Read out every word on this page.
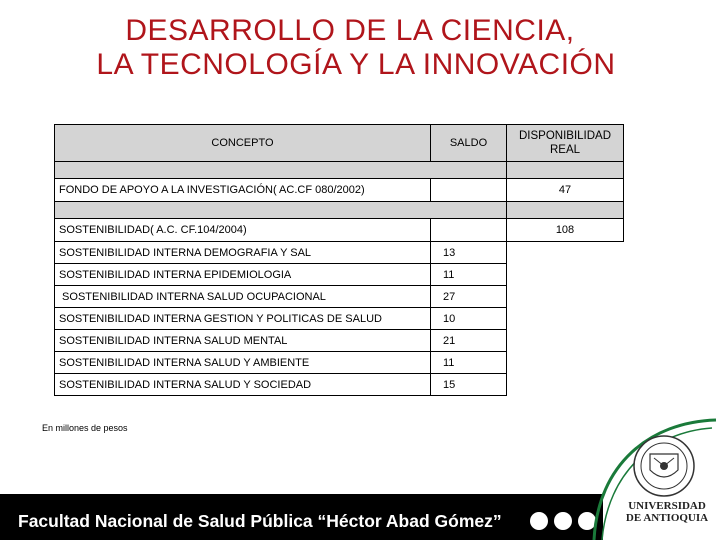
DESARROLLO DE LA CIENCIA,
LA TECNOLOGÍA Y LA INNOVACIÓN
CONCEPTO	SALDO	DISPONIBILIDAD REAL

FONDO DE APOYO A LA INVESTIGACIÓN( AC.CF 080/2002)		47

SOSTENIBILIDAD( A.C. CF.104/2004)		108
SOSTENIBILIDAD INTERNA DEMOGRAFIA Y SAL	13	
SOSTENIBILIDAD INTERNA EPIDEMIOLOGIA	11	
SOSTENIBILIDAD INTERNA SALUD OCUPACIONAL	27	
SOSTENIBILIDAD INTERNA GESTION Y POLITICAS DE SALUD	10	
SOSTENIBILIDAD INTERNA SALUD MENTAL	21	
SOSTENIBILIDAD INTERNA SALUD Y AMBIENTE	11	
SOSTENIBILIDAD INTERNA SALUD Y SOCIEDAD	15	
En millones de pesos
Facultad Nacional de Salud Pública “Héctor Abad Gómez”
UNIVERSIDAD
DE ANTIOQUIA
